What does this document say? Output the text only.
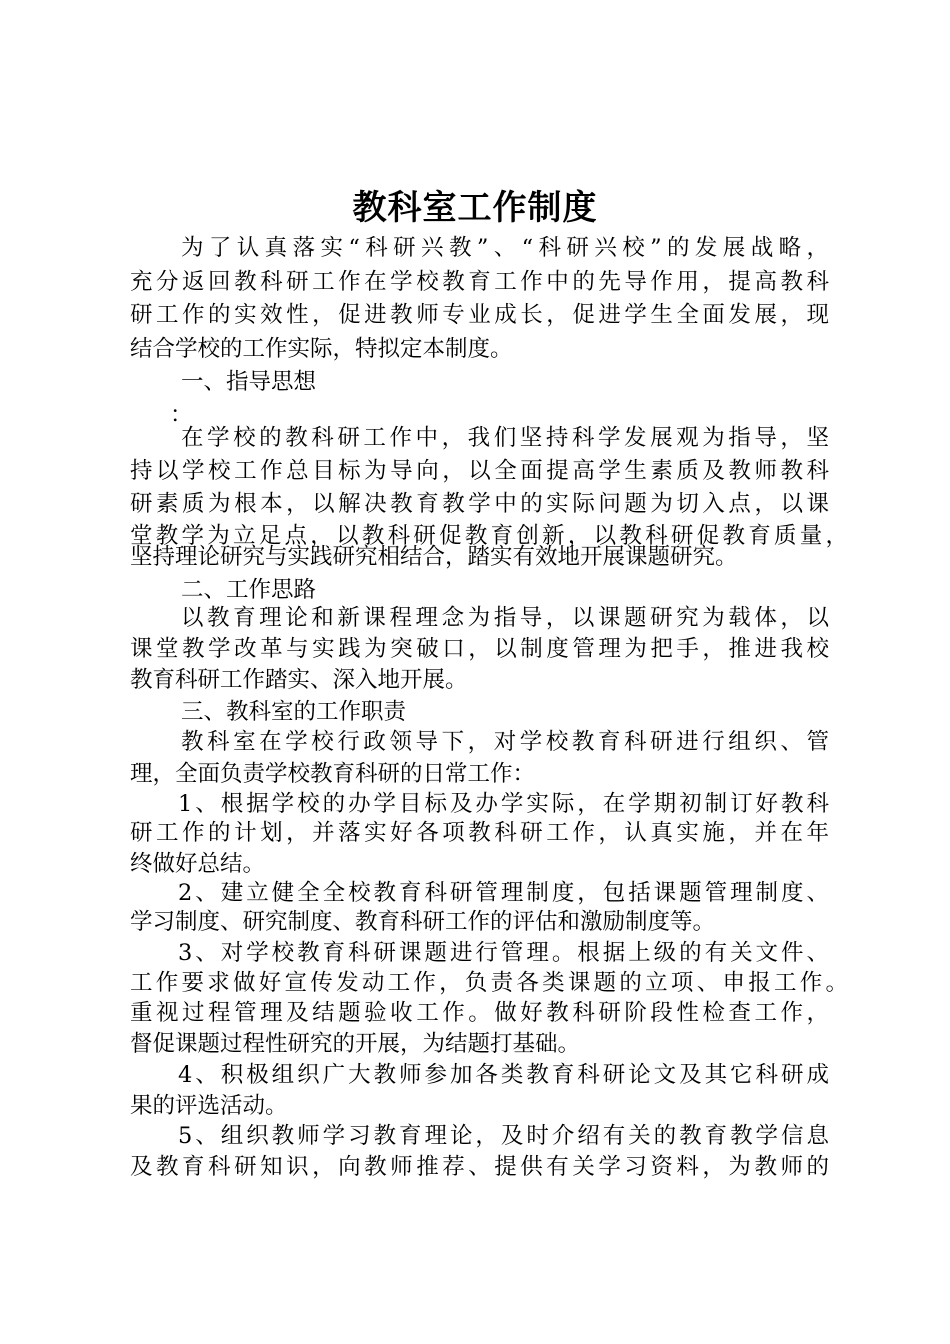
教科室工作制度
为了认真落实“科研兴教”、“科研兴校”的发展战略，
充分返回教科研工作在学校教育工作中的先导作用，提高教科
研工作的实效性，促进教师专业成长，促进学生全面发展，现
结合学校的工作实际，特拟定本制度。
一、指导思想
：
在学校的教科研工作中，我们坚持科学发展观为指导，坚
持以学校工作总目标为导向，以全面提高学生素质及教师教科
研素质为根本，以解决教育教学中的实际问题为切入点，以课
堂教学为立足点，以教科研促教育创新，以教科研促教育质量，
坚持理论研究与实践研究相结合，踏实有效地开展课题研究。
二、工作思路
以教育理论和新课程理念为指导，以课题研究为载体，以
课堂教学改革与实践为突破口，以制度管理为把手，推进我校
教育科研工作踏实、深入地开展。
三、教科室的工作职责
教科室在学校行政领导下，对学校教育科研进行组织、管
理，全面负责学校教育科研的日常工作：
1、根据学校的办学目标及办学实际，在学期初制订好教科
研工作的计划，并落实好各项教科研工作，认真实施，并在年
终做好总结。
2、建立健全全校教育科研管理制度，包括课题管理制度、
学习制度、研究制度、教育科研工作的评估和激励制度等。
3、对学校教育科研课题进行管理。根据上级的有关文件、
工作要求做好宣传发动工作，负责各类课题的立项、申报工作。
重视过程管理及结题验收工作。做好教科研阶段性检查工作，
督促课题过程性研究的开展，为结题打基础。
4、积极组织广大教师参加各类教育科研论文及其它科研成
果的评选活动。
5、组织教师学习教育理论，及时介绍有关的教育教学信息
及教育科研知识，向教师推荐、提供有关学习资料，为教师的
